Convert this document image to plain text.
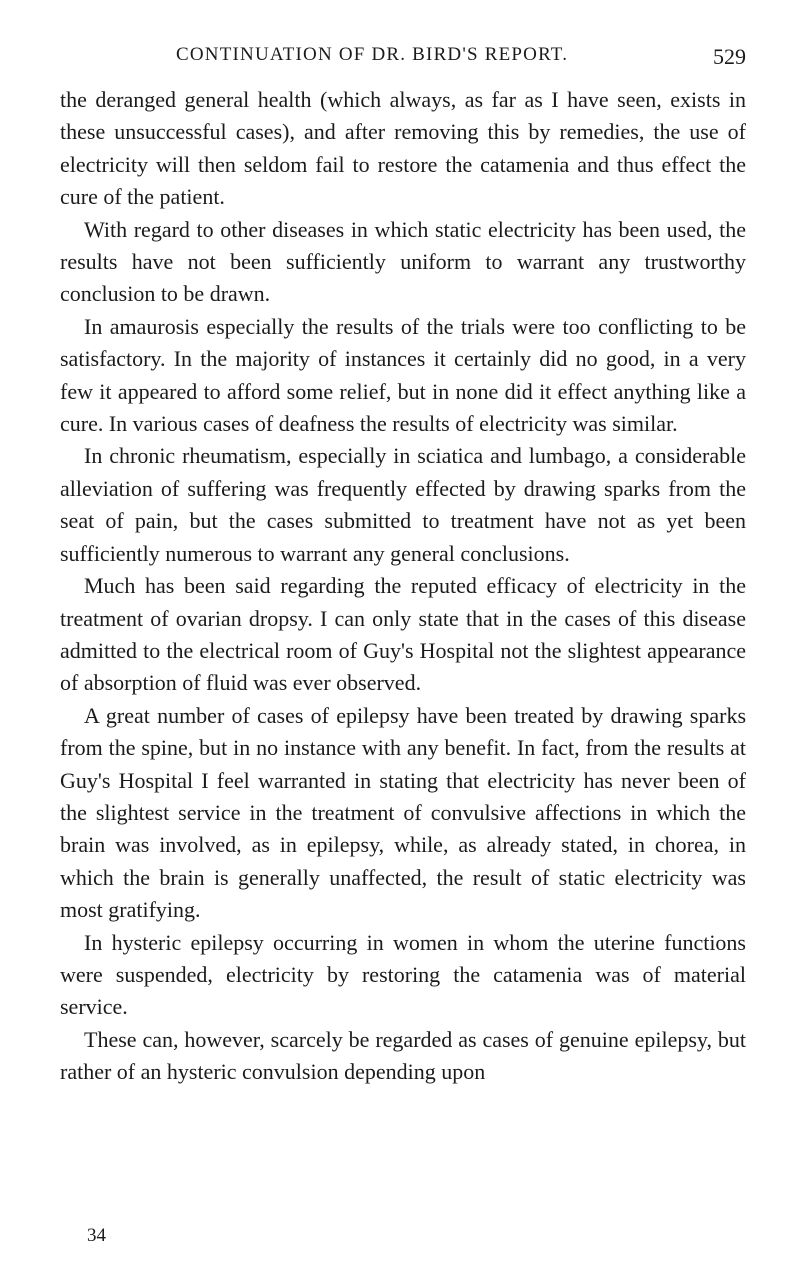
CONTINUATION OF DR. BIRD'S REPORT.	529

the deranged general health (which always, as far as I have seen, exists in these unsuccessful cases), and after removing this by remedies, the use of electricity will then seldom fail to restore the catamenia and thus effect the cure of the patient.

With regard to other diseases in which static electricity has been used, the results have not been sufficiently uniform to warrant any trustworthy conclusion to be drawn.

In amaurosis especially the results of the trials were too conflicting to be satisfactory. In the majority of instances it certainly did no good, in a very few it appeared to afford some relief, but in none did it effect anything like a cure. In various cases of deafness the results of electricity was similar.

In chronic rheumatism, especially in sciatica and lumbago, a considerable alleviation of suffering was frequently effected by drawing sparks from the seat of pain, but the cases submitted to treatment have not as yet been sufficiently numerous to warrant any general conclusions.

Much has been said regarding the reputed efficacy of electricity in the treatment of ovarian dropsy. I can only state that in the cases of this disease admitted to the electrical room of Guy's Hospital not the slightest appearance of absorption of fluid was ever observed.

A great number of cases of epilepsy have been treated by drawing sparks from the spine, but in no instance with any benefit. In fact, from the results at Guy's Hospital I feel warranted in stating that electricity has never been of the slightest service in the treatment of convulsive affections in which the brain was involved, as in epilepsy, while, as already stated, in chorea, in which the brain is generally unaffected, the result of static electricity was most gratifying.

In hysteric epilepsy occurring in women in whom the uterine functions were suspended, electricity by restoring the catamenia was of material service.

These can, however, scarcely be regarded as cases of genuine epilepsy, but rather of an hysteric convulsion depending upon

34
